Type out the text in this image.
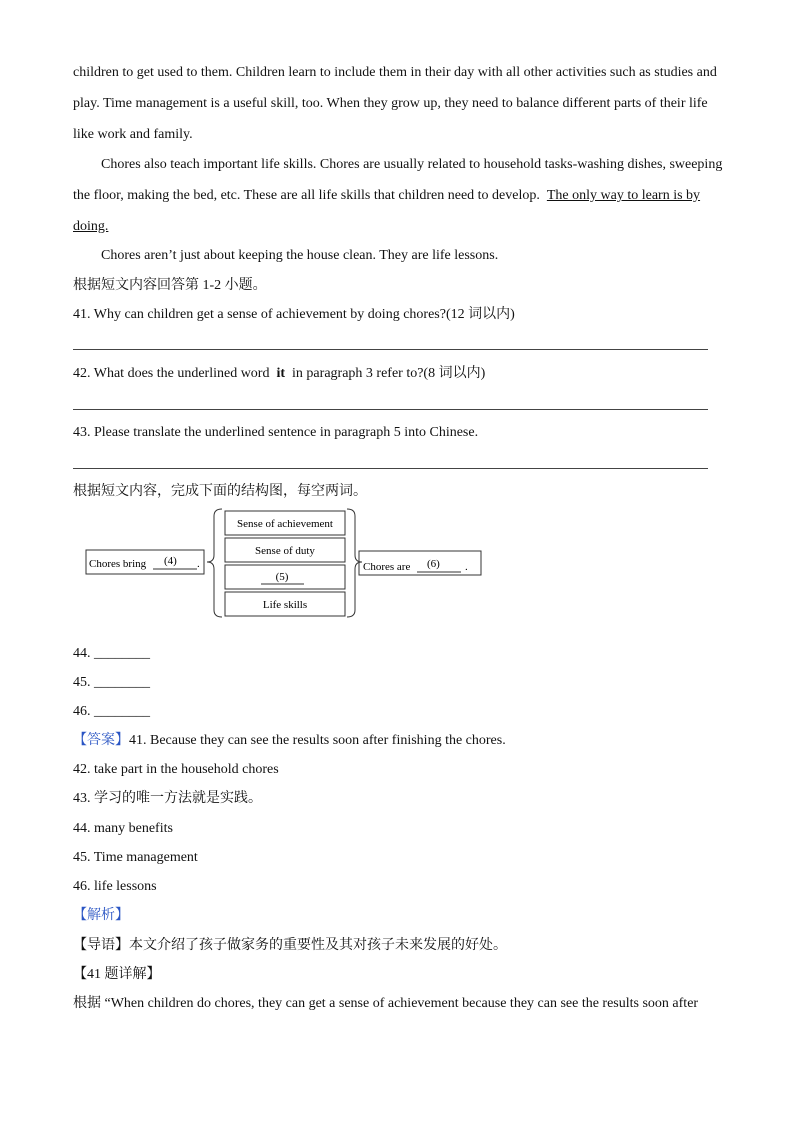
children to get used to them. Children learn to include them in their day with all other activities such as studies and
play. Time management is a useful skill, too. When they grow up, they need to balance different parts of their life
like work and family.
Chores also teach important life skills. Chores are usually related to household tasks-washing dishes, sweeping
the floor, making the bed, etc. These are all life skills that children need to develop. The only way to learn is by
doing.
Chores aren’t just about keeping the house clean. They are life lessons.
根据短文内容回答第 1-2 小题。
41. Why can children get a sense of achievement by doing chores?(12 词以内)
42. What does the underlined word it in paragraph 3 refer to?(8 词以内)
43. Please translate the underlined sentence in paragraph 5 into Chinese.
根据短文内容，完成下面的结构图，每空两词。
Chores bring (4) .
Sense of achievement
Sense of duty
(5)
Life skills
Chores are (6) .
44. ________
45. ________
46. ________
【答案】41. Because they can see the results soon after finishing the chores.
42. take part in the household chores
43. 学习的唯一方法就是实践。
44. many benefits
45. Time management
46. life lessons
【解析】
【导语】本文介绍了孩子做家务的重要性及其对孩子未来发展的好处。
【41 题详解】
根据 “When children do chores, they can get a sense of achievement because they can see the results soon after
